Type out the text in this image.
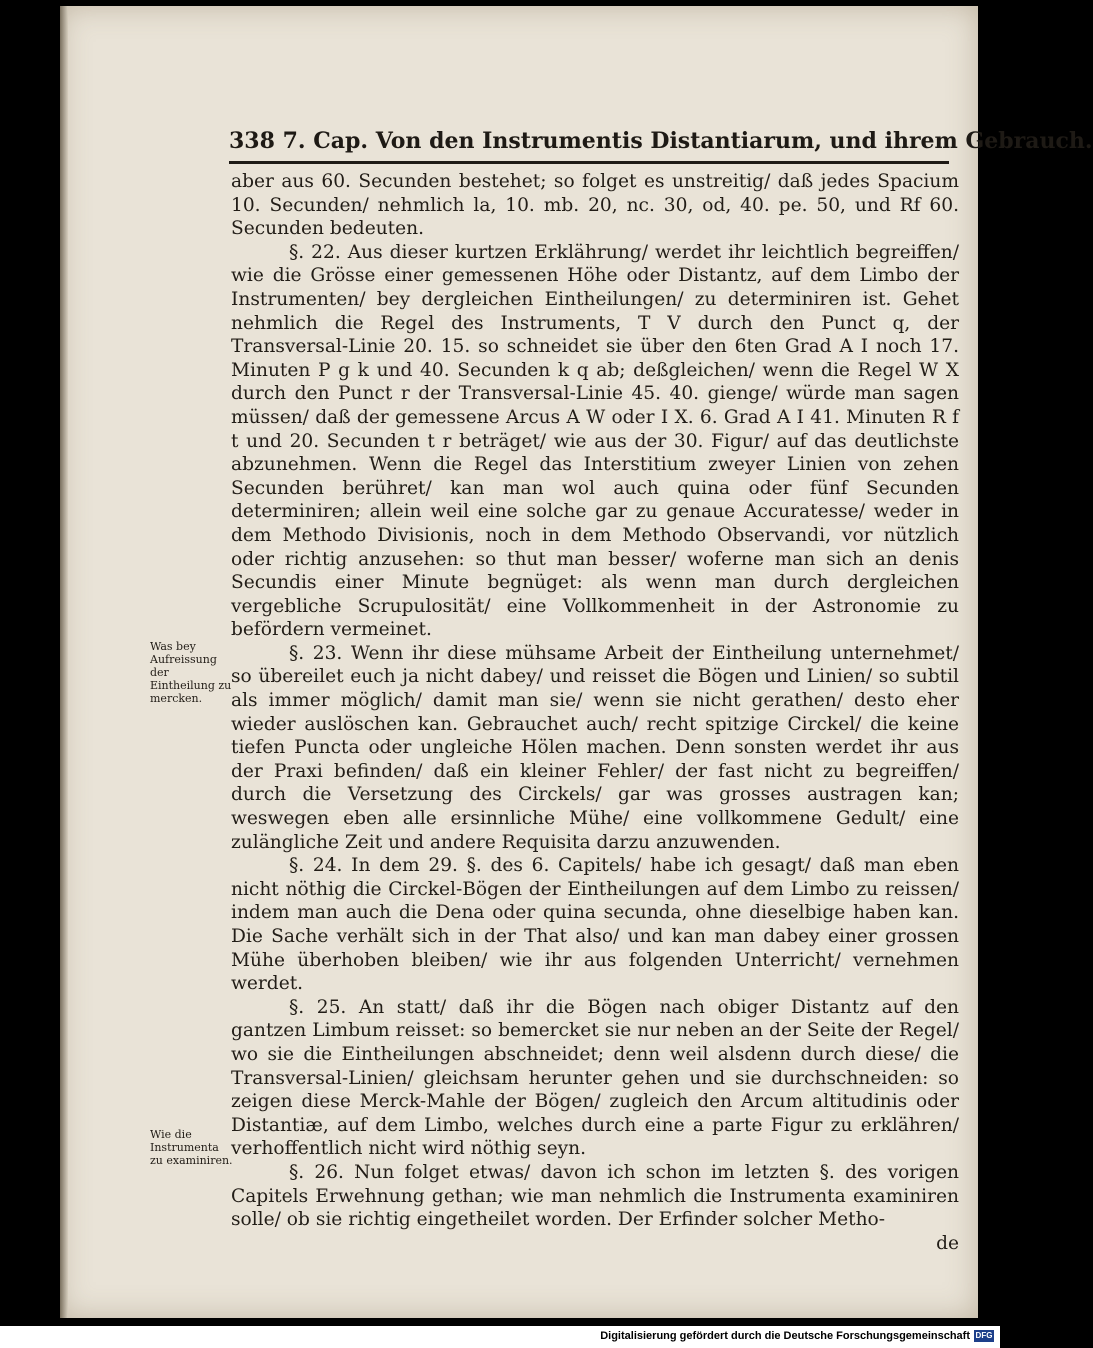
338 7. Cap. Von den Instrumentis Distantiarum, und ihrem Gebrauch.

aber aus 60. Secunden bestehet; so folget es unstreitig/ daß jedes Spacium 10. Secunden/ nehmlich la, 10. mb. 20, nc. 30, od, 40. pe. 50, und Rf 60. Secunden bedeuten.

§. 22. Aus dieser kurtzen Erklährung/ werdet ihr leichtlich begreiffen/ wie die Grösse einer gemessenen Höhe oder Distantz, auf dem Limbo der Instrumenten/ bey dergleichen Eintheilungen/ zu determiniren ist. Gehet nehmlich die Regel des Instruments, T V durch den Punct q, der Transversal-Linie 20. 15. so schneidet sie über den 6ten Grad A I noch 17. Minuten P g k und 40. Secunden k q ab; deßgleichen/ wenn die Regel W X durch den Punct r der Transversal-Linie 45. 40. gienge/ würde man sagen müssen/ daß der gemessene Arcus A W oder I X. 6. Grad A I 41. Minuten R f t und 20. Secunden t r beträget/ wie aus der 30. Figur/ auf das deutlichste abzunehmen. Wenn die Regel das Interstitium zweyer Linien von zehen Secunden berühret/ kan man wol auch quina oder fünf Secunden determiniren; allein weil eine solche gar zu genaue Accuratesse/ weder in dem Methodo Divisionis, noch in dem Methodo Observandi, vor nützlich oder richtig anzusehen: so thut man besser/ woferne man sich an denis Secundis einer Minute begnüget: als wenn man durch dergleichen vergebliche Scrupulosität/ eine Vollkommenheit in der Astronomie zu befördern vermeinet.

§. 23. Wenn ihr diese mühsame Arbeit der Eintheilung unternehmet/ so übereilet euch ja nicht dabey/ und reisset die Bögen und Linien/ so subtil als immer möglich/ damit man sie/ wenn sie nicht gerathen/ desto eher wieder auslöschen kan. Gebrauchet auch/ recht spitzige Circkel/ die keine tiefen Puncta oder ungleiche Hölen machen. Denn sonsten werdet ihr aus der Praxi befinden/ daß ein kleiner Fehler/ der fast nicht zu begreiffen/ durch die Versetzung des Circkels/ gar was grosses austragen kan; weswegen eben alle ersinnliche Mühe/ eine vollkommene Gedult/ eine zulängliche Zeit und andere Requisita darzu anzuwenden.

§. 24. In dem 29. §. des 6. Capitels/ habe ich gesagt/ daß man eben nicht nöthig die Circkel-Bögen der Eintheilungen auf dem Limbo zu reissen/ indem man auch die Dena oder quina secunda, ohne dieselbige haben kan. Die Sache verhält sich in der That also/ und kan man dabey einer grossen Mühe überhoben bleiben/ wie ihr aus folgenden Unterricht/ vernehmen werdet.

§. 25. An statt/ daß ihr die Bögen nach obiger Distantz auf den gantzen Limbum reisset: so bemercket sie nur neben an der Seite der Regel/ wo sie die Eintheilungen abschneidet; denn weil alsdenn durch diese/ die Transversal-Linien/ gleichsam herunter gehen und sie durchschneiden: so zeigen diese Merck-Mahle der Bögen/ zugleich den Arcum altitudinis oder Distantiæ, auf dem Limbo, welches durch eine a parte Figur zu erklähren/ verhoffentlich nicht wird nöthig seyn.

§. 26. Nun folget etwas/ davon ich schon im letzten §. des vorigen Capitels Erwehnung gethan; wie man nehmlich die Instrumenta examiniren solle/ ob sie richtig eingetheilet worden. Der Erfinder solcher Metho-

de

Was bey Aufreissung der Eintheilung zu mercken.
Wie die Instrumenta zu examiniren.
Digitalisierung gefördert durch die Deutsche Forschungsgemeinschaft DFG
